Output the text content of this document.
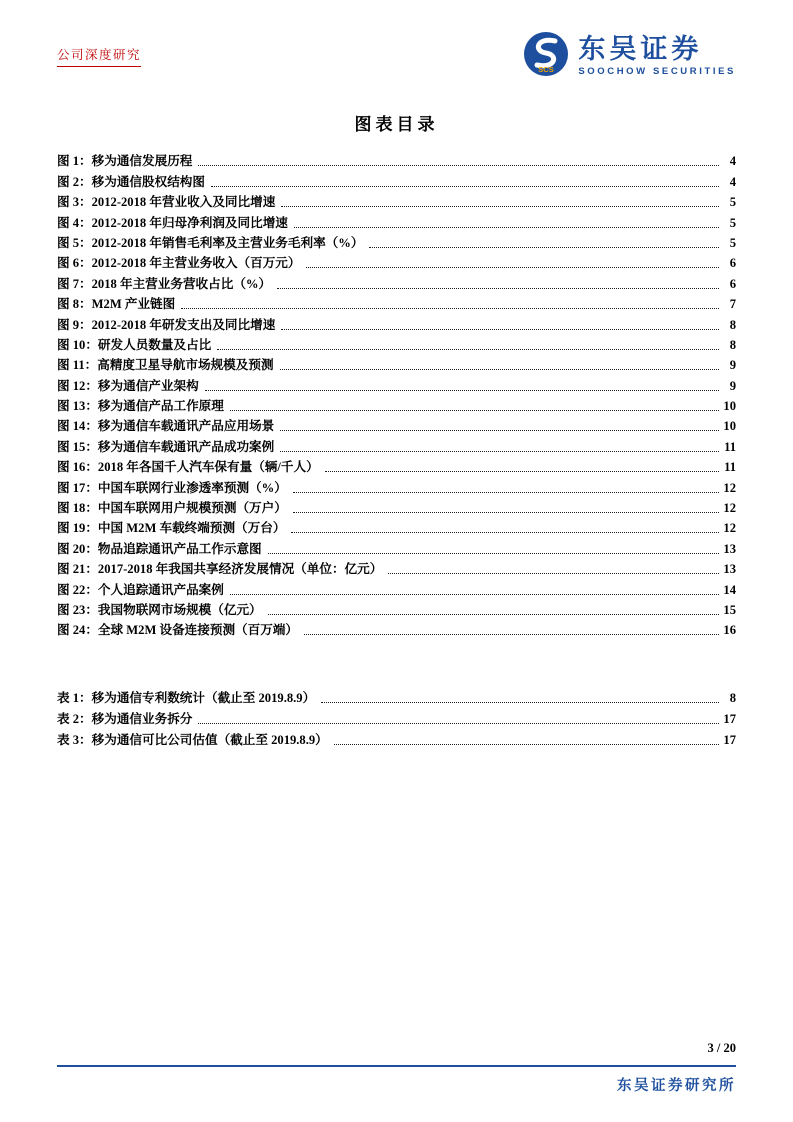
公司深度研究
SCS
东吴证券
SOOCHOW SECURITIES
图表目录
图 1：移为通信发展历程	4
图 2：移为通信股权结构图	4
图 3：2012-2018 年营业收入及同比增速	5
图 4：2012-2018 年归母净利润及同比增速	5
图 5：2012-2018 年销售毛利率及主营业务毛利率（%）	5
图 6：2012-2018 年主营业务收入（百万元）	6
图 7：2018 年主营业务营收占比（%）	6
图 8：M2M 产业链图	7
图 9：2012-2018 年研发支出及同比增速	8
图 10：研发人员数量及占比	8
图 11：高精度卫星导航市场规模及预测	9
图 12：移为通信产业架构	9
图 13：移为通信产品工作原理	10
图 14：移为通信车载通讯产品应用场景	10
图 15：移为通信车载通讯产品成功案例	11
图 16：2018 年各国千人汽车保有量（辆/千人）	11
图 17：中国车联网行业渗透率预测（%）	12
图 18：中国车联网用户规模预测（万户）	12
图 19：中国 M2M 车载终端预测（万台）	12
图 20：物品追踪通讯产品工作示意图	13
图 21：2017-2018 年我国共享经济发展情况（单位：亿元）	13
图 22：个人追踪通讯产品案例	14
图 23：我国物联网市场规模（亿元）	15
图 24：全球 M2M 设备连接预测（百万端）	16
表 1：移为通信专利数统计（截止至 2019.8.9）	8
表 2：移为通信业务拆分	17
表 3：移为通信可比公司估值（截止至 2019.8.9）	17
3 / 20
东吴证券研究所
